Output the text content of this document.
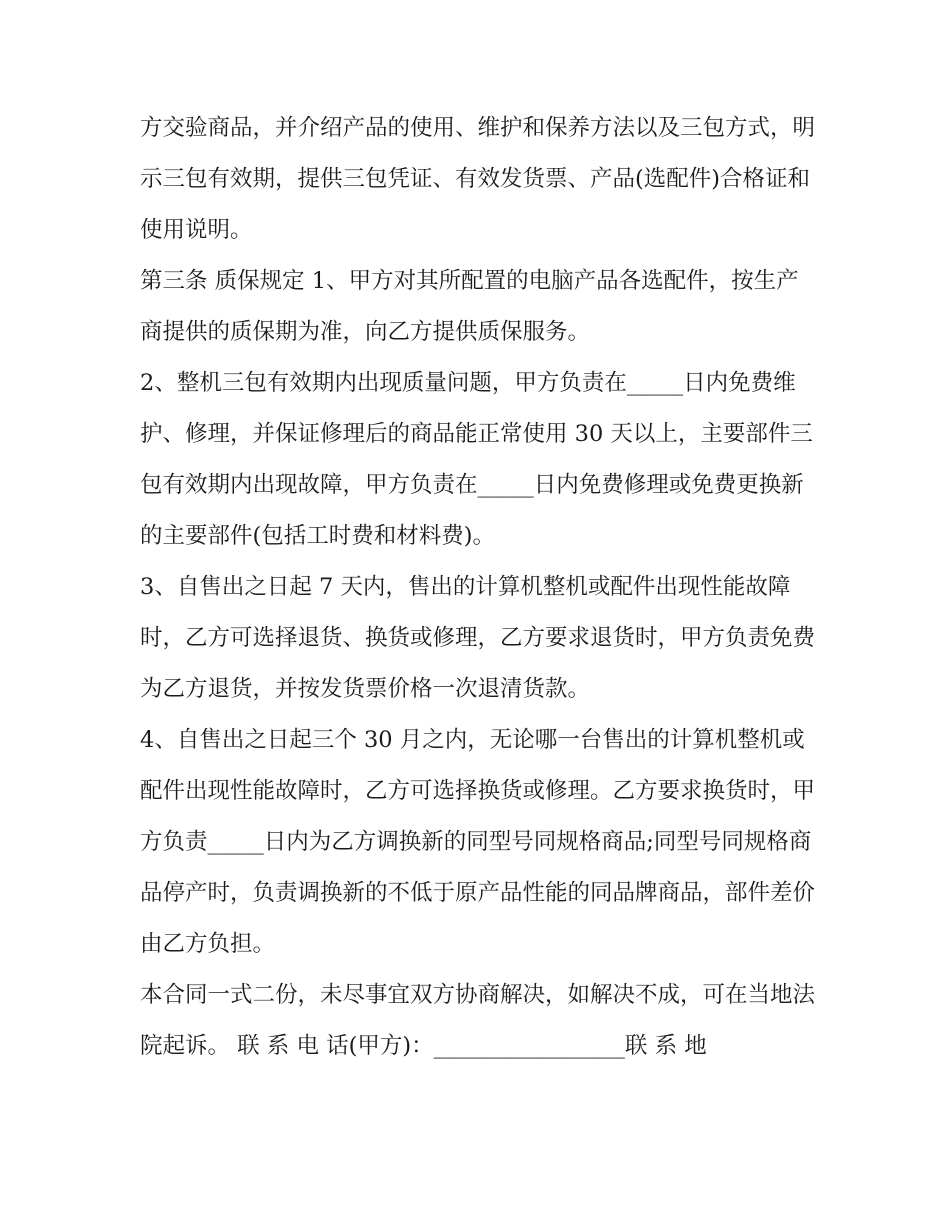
方交验商品，并介绍产品的使用、维护和保养方法以及三包方式，明示三包有效期，提供三包凭证、有效发货票、产品(选配件)合格证和使用说明。

第三条 质保规定 1、甲方对其所配置的电脑产品各选配件，按生产商提供的质保期为准，向乙方提供质保服务。

2、整机三包有效期内出现质量问题，甲方负责在_____日内免费维护、修理，并保证修理后的商品能正常使用 30 天以上，主要部件三包有效期内出现故障，甲方负责在_____日内免费修理或免费更换新的主要部件(包括工时费和材料费)。

3、自售出之日起 7 天内，售出的计算机整机或配件出现性能故障时，乙方可选择退货、换货或修理，乙方要求退货时，甲方负责免费为乙方退货，并按发货票价格一次退清货款。

4、自售出之日起三个 30 月之内，无论哪一台售出的计算机整机或配件出现性能故障时，乙方可选择换货或修理。乙方要求换货时，甲方负责_____日内为乙方调换新的同型号同规格商品;同型号同规格商品停产时，负责调换新的不低于原产品性能的同品牌商品，部件差价由乙方负担。

本合同一式二份，未尽事宜双方协商解决，如解决不成，可在当地法院起诉。 联 系 电 话(甲方)：_________________联 系 地
